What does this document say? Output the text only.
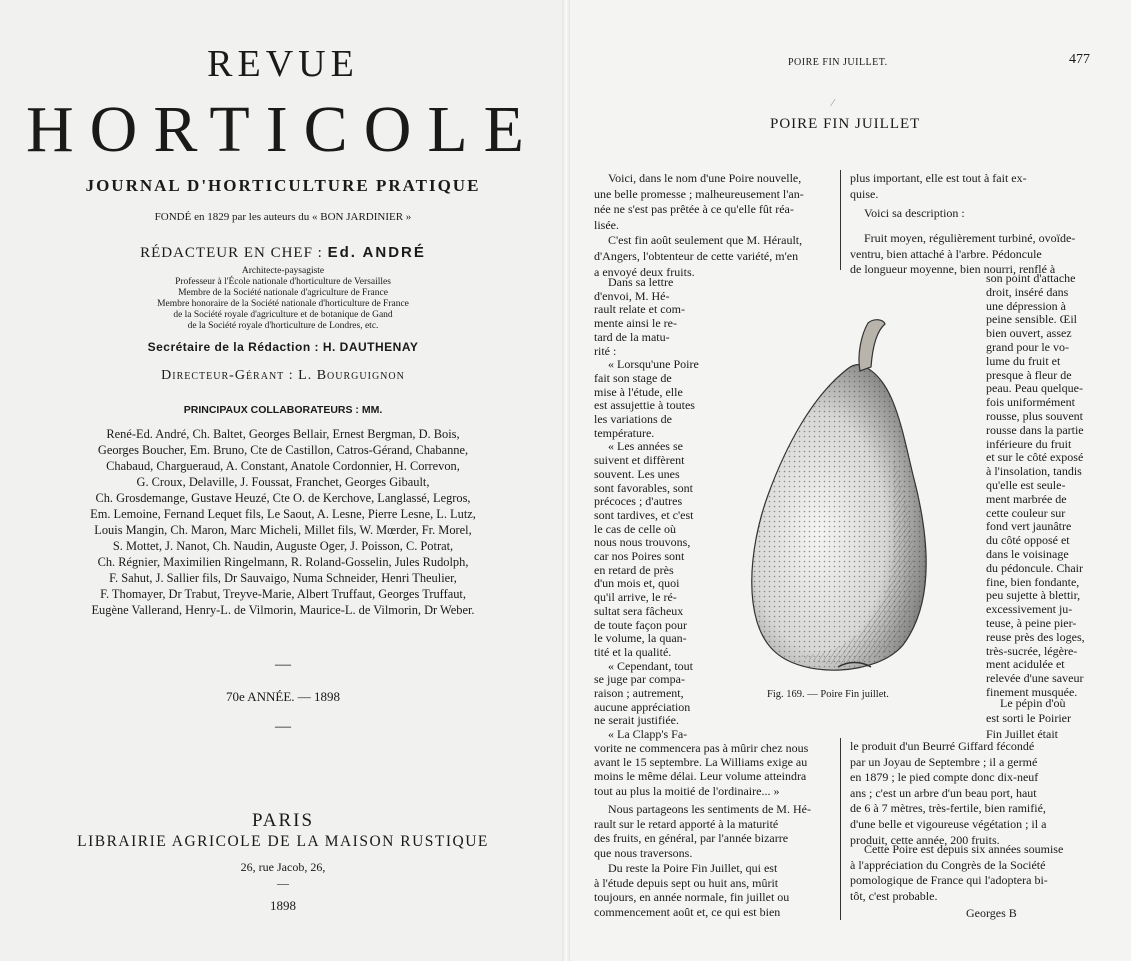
REVUE
HORTICOLE
JOURNAL D'HORTICULTURE PRATIQUE
FONDÉ en 1829 par les auteurs du « BON JARDINIER »
RÉDACTEUR EN CHEF : Ed. ANDRÉ
Architecte-paysagiste
Professeur à l'École nationale d'horticulture de Versailles
Membre de la Société nationale d'agriculture de France
Membre honoraire de la Société nationale d'horticulture de France
de la Société royale d'agriculture et de botanique de Gand
de la Société royale d'horticulture de Londres, etc.
Secrétaire de la Rédaction : H. DAUTHENAY
Directeur-Gérant : L. Bourguignon
PRINCIPAUX COLLABORATEURS : MM.
René-Ed. André, Ch. Baltet, Georges Bellair, Ernest Bergman, D. Bois,
Georges Boucher, Em. Bruno, Cte de Castillon, Catros-Gérand, Chabanne,
Chabaud, Chargueraud, A. Constant, Anatole Cordonnier, H. Correvon,
G. Croux, Delaville, J. Foussat, Franchet, Georges Gibault,
Ch. Grosdemange, Gustave Heuzé, Cte O. de Kerchove, Langlassé, Legros,
Em. Lemoine, Fernand Lequet fils, Le Saout, A. Lesne, Pierre Lesne, L. Lutz,
Louis Mangin, Ch. Maron, Marc Micheli, Millet fils, W. Mœrder, Fr. Morel,
S. Mottet, J. Nanot, Ch. Naudin, Auguste Oger, J. Poisson, C. Potrat,
Ch. Régnier, Maximilien Ringelmann, R. Roland-Gosselin, Jules Rudolph,
F. Sahut, J. Sallier fils, Dr Sauvaigo, Numa Schneider, Henri Theulier,
F. Thomayer, Dr Trabut, Treyve-Marie, Albert Truffaut, Georges Truffaut,
Eugène Vallerand, Henry-L. de Vilmorin, Maurice-L. de Vilmorin, Dr Weber.
—
70e ANNÉE. — 1898
—
PARIS
LIBRAIRIE AGRICOLE DE LA MAISON RUSTIQUE
26, rue Jacob, 26,
—
1898
POIRE FIN JUILLET.	477
POIRE FIN JUILLET
Voici, dans le nom d'une Poire nouvelle,
une belle promesse ; malheureusement l'an-
née ne s'est pas prêtée à ce qu'elle fût réa-
lisée.
C'est fin août seulement que M. Hérault,
d'Angers, l'obtenteur de cette variété, m'en
a envoyé deux fruits.
Dans sa lettre
d'envoi, M. Hé-
rault relate et com-
mente ainsi le re-
tard de la matu-
rité :
« Lorsqu'une Poire
fait son stage de
mise à l'étude, elle
est assujettie à toutes
les variations de
température.
« Les années se
suivent et diffèrent
souvent. Les unes
sont favorables, sont
précoces ; d'autres
sont tardives, et c'est
le cas de celle où
nous nous trouvons,
car nos Poires sont
en retard de près
d'un mois et, quoi
qu'il arrive, le ré-
sultat sera fâcheux
de toute façon pour
le volume, la quan-
tité et la qualité.
« Cependant, tout
se juge par compa-
raison ; autrement,
aucune appréciation
ne serait justifiée.
« La Clapp's Fa-
vorite ne commencera pas à mûrir chez nous
avant le 15 septembre. La Williams exige au
moins le même délai. Leur volume atteindra
tout au plus la moitié de l'ordinaire... »
Nous partageons les sentiments de M. Hé-
rault sur le retard apporté à la maturité
des fruits, en général, par l'année bizarre
que nous traversons.
Du reste la Poire Fin Juillet, qui est
à l'étude depuis sept ou huit ans, mûrit
toujours, en année normale, fin juillet ou
commencement août et, ce qui est bien
plus important, elle est tout à fait ex-
quise.
Voici sa description :
Fruit moyen, régulièrement turbiné, ovoïde-
ventru, bien attaché à l'arbre. Pédoncule
de longueur moyenne, bien nourri, renflé à
son point d'attache
droit, inséré dans
une dépression à
peine sensible. Œil
bien ouvert, assez
grand pour le vo-
lume du fruit et
presque à fleur de
peau. Peau quelque-
fois uniformément
rousse, plus souvent
rousse dans la partie
inférieure du fruit
et sur le côté exposé
à l'insolation, tandis
qu'elle est seule-
ment marbrée de
cette couleur sur
fond vert jaunâtre
du côté opposé et
dans le voisinage
du pédoncule. Chair
fine, bien fondante,
peu sujette à blettir,
excessivement ju-
teuse, à peine pier-
reuse près des loges,
très-sucrée, légère-
ment acidulée et
relevée d'une saveur
finement musquée.
Le pépin d'où
est sorti le Poirier
Fin Juillet était
le produit d'un Beurré Giffard fécondé
par un Joyau de Septembre ; il a germé
en 1879 ; le pied compte donc dix-neuf
ans ; c'est un arbre d'un beau port, haut
de 6 à 7 mètres, très-fertile, bien ramifié,
d'une belle et vigoureuse végétation ; il a
produit, cette année, 200 fruits.
Cette Poire est depuis six années soumise
à l'appréciation du Congrès de la Société
pomologique de France qui l'adoptera bi-
tôt, c'est probable.
Georges B
Fig. 169. — Poire Fin juillet.
⁄
